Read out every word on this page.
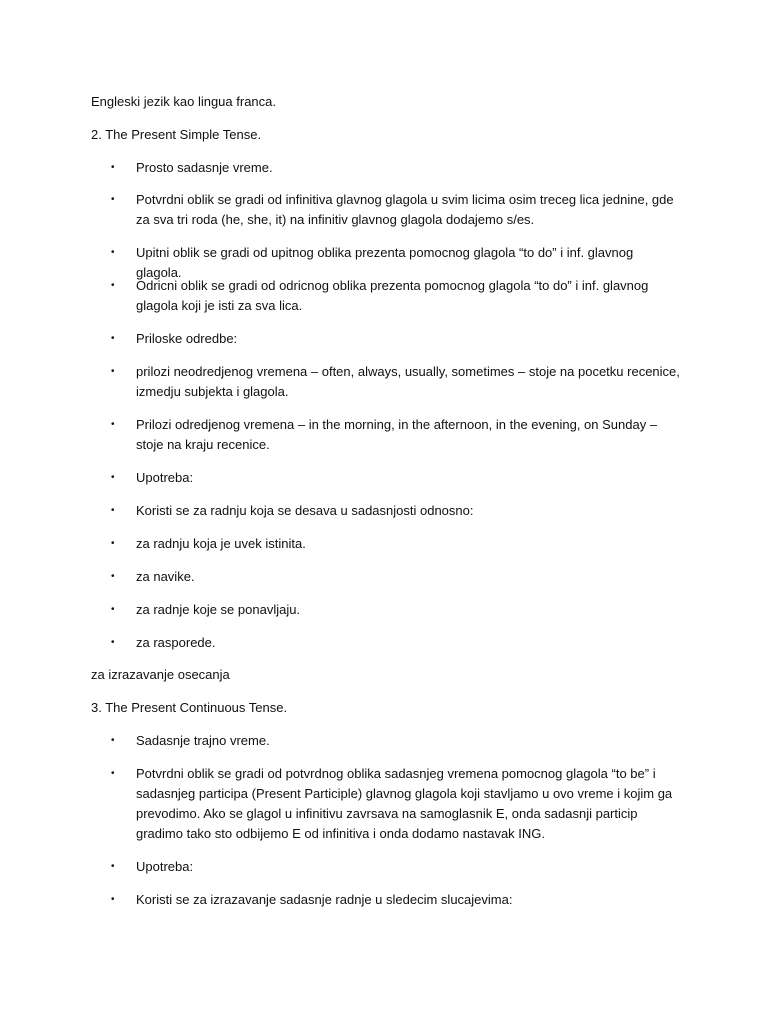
Engleski jezik kao lingua franca.
2. The Present Simple Tense.
• Prosto sadasnje vreme.
• Potvrdni oblik se gradi od infinitiva glavnog glagola u svim licima osim treceg lica jednine, gde za sva tri roda (he, she, it) na infinitiv glavnog glagola dodajemo s/es.
• Upitni oblik se gradi od upitnog oblika prezenta pomocnog glagola “to do” i inf. glavnog glagola.
• Odricni oblik se gradi od odricnog oblika prezenta pomocnog glagola “to do” i inf. glavnog glagola koji je isti za sva lica.
• Priloske odredbe:
• prilozi neodredjenog vremena – often, always, usually, sometimes – stoje na pocetku recenice, izmedju subjekta i glagola.
• Prilozi odredjenog vremena – in the morning, in the afternoon, in the evening, on Sunday – stoje na kraju recenice.
• Upotreba:
• Koristi se za radnju koja se desava u sadasnjosti odnosno:
• za radnju koja je uvek istinita.
• za navike.
• za radnje koje se ponavljaju.
• za rasporede.
za izrazavanje osecanja
3. The Present Continuous Tense.
• Sadasnje trajno vreme.
• Potvrdni oblik se gradi od potvrdnog oblika sadasnjeg vremena pomocnog glagola “to be” i sadasnjeg participa (Present Participle) glavnog glagola koji stavljamo u ovo vreme i kojim ga prevodimo. Ako se glagol u infinitivu zavrsava na samoglasnik E, onda sadasnji particip gradimo tako sto odbijemo E od infinitiva i onda dodamo nastavak ING.
• Upotreba:
• Koristi se za izrazavanje sadasnje radnje u sledecim slucajevima:
